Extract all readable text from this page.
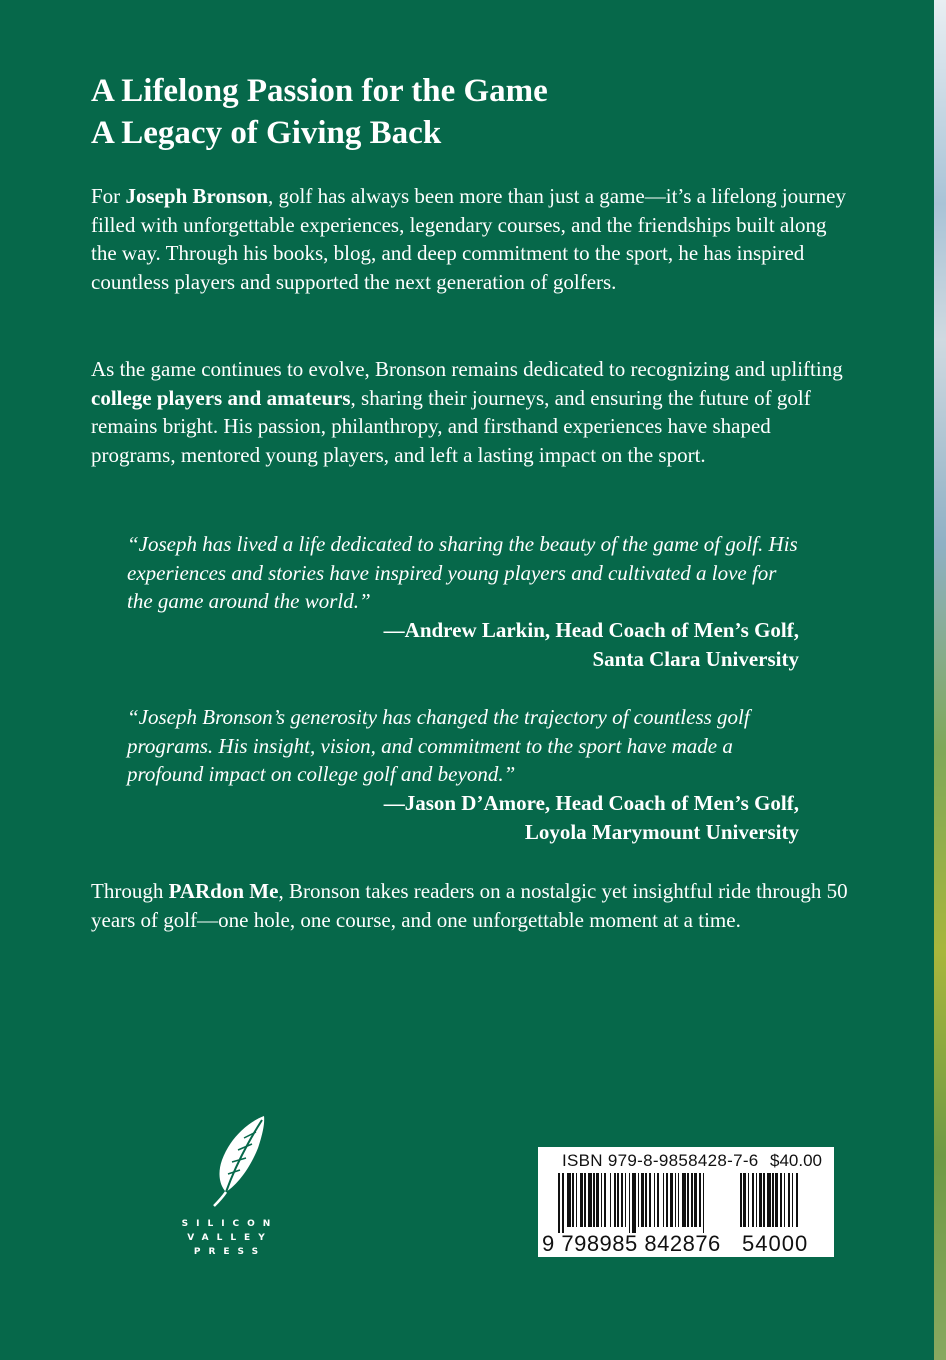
A Lifelong Passion for the Game
A Legacy of Giving Back

For Joseph Bronson, golf has always been more than just a game—it’s a lifelong journey filled with unforgettable experiences, legendary courses, and the friendships built along the way. Through his books, blog, and deep commitment to the sport, he has inspired countless players and supported the next generation of golfers.

As the game continues to evolve, Bronson remains dedicated to recognizing and uplifting college players and amateurs, sharing their journeys, and ensuring the future of golf remains bright. His passion, philanthropy, and firsthand experiences have shaped programs, mentored young players, and left a lasting impact on the sport.

“Joseph has lived a life dedicated to sharing the beauty of the game of golf. His experiences and stories have inspired young players and cultivated a love for the game around the world.”

—Andrew Larkin, Head Coach of Men’s Golf,
Santa Clara University

“Joseph Bronson’s generosity has changed the trajectory of countless golf programs. His insight, vision, and commitment to the sport have made a profound impact on college golf and beyond.”

—Jason D’Amore, Head Coach of Men’s Golf,
Loyola Marymount University

Through PARdon Me, Bronson takes readers on a nostalgic yet insightful ride through 50 years of golf—one hole, one course, and one unforgettable moment at a time.

SILICON
VALLEY
PRESS
ISBN 979-8-9858428-7-6 $40.00
9 798985 842876 54000
